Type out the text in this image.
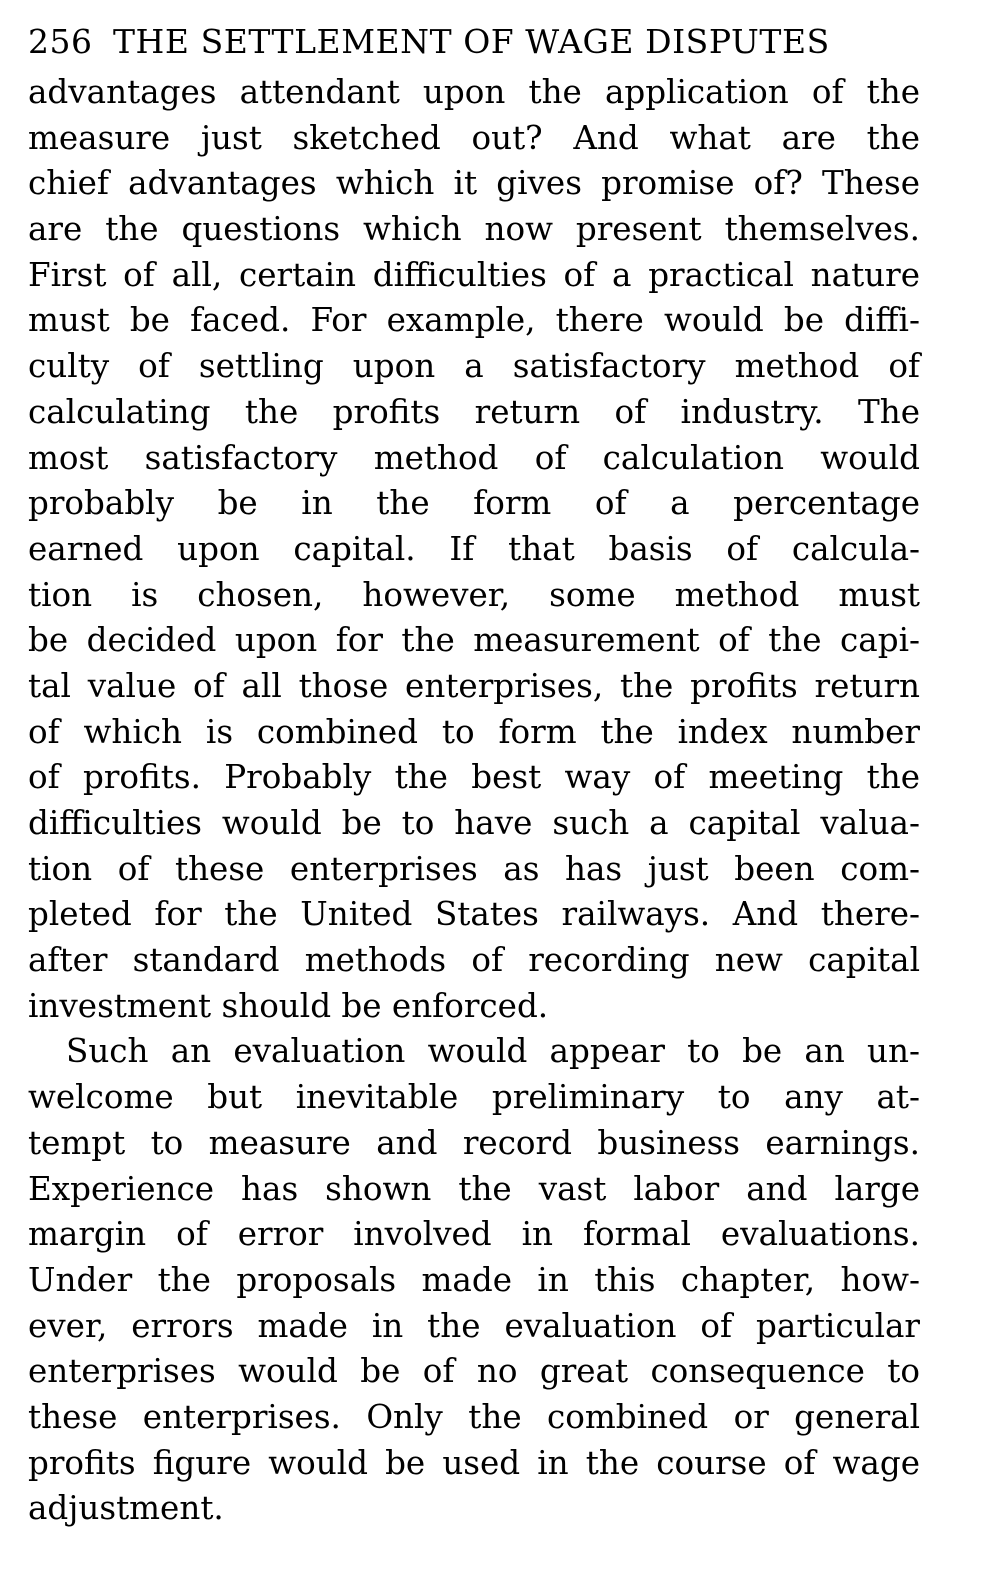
256 THE SETTLEMENT OF WAGE DISPUTES
advantages attendant upon the application of the
measure just sketched out? And what are the
chief advantages which it gives promise of? These
are the questions which now present themselves.
First of all, certain difficulties of a practical nature
must be faced. For example, there would be diffi-
culty of settling upon a satisfactory method of
calculating the profits return of industry. The
most satisfactory method of calculation would
probably be in the form of a percentage
earned upon capital. If that basis of calcula-
tion is chosen, however, some method must
be decided upon for the measurement of the capi-
tal value of all those enterprises, the profits return
of which is combined to form the index number
of profits. Probably the best way of meeting the
difficulties would be to have such a capital valua-
tion of these enterprises as has just been com-
pleted for the United States railways. And there-
after standard methods of recording new capital
investment should be enforced.
Such an evaluation would appear to be an un-
welcome but inevitable preliminary to any at-
tempt to measure and record business earnings.
Experience has shown the vast labor and large
margin of error involved in formal evaluations.
Under the proposals made in this chapter, how-
ever, errors made in the evaluation of particular
enterprises would be of no great consequence to
these enterprises. Only the combined or general
profits figure would be used in the course of wage
adjustment.
